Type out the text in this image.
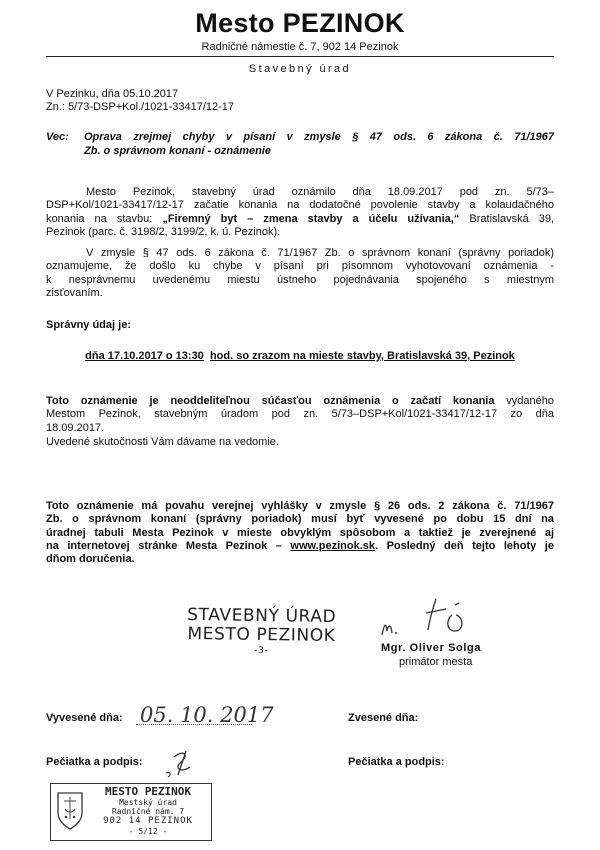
Mesto PEZINOK
Radničné námestie č. 7, 902 14 Pezinok
Stavebný úrad
V Pezinku, dňa 05.10.2017
Zn.: 5/73-DSP+Kol./1021-33417/12-17
Vec: Oprava zrejmej chyby v písaní v zmysle § 47 ods. 6 zákona č. 71/1967
Zb. o správnom konaní - oznámenie
Mesto Pezinok, stavebný úrad oznámilo dňa 18.09.2017 pod zn. 5/73–
DSP+Kol/1021-33417/12-17 začatie konania na dodatočné povolenie stavby a kolaudačného
konania na stavbu: „Firemný byt – zmena stavby a účelu užívania,“ Bratislavská 39,
Pezinok (parc. č. 3198/2, 3199/2, k. ú. Pezinok).
V zmysle § 47 ods. 6 zákona č. 71/1967 Zb. o správnom konaní (správny poriadok)
oznamujeme, že došlo ku chybe v písaní pri písomnom vyhotovovaní oznámenia -
k nesprávnemu uvedenému miestu ústneho pojednávania spojeného s miestnym
zisťovaním.
Správny údaj je:
dňa 17.10.2017 o 13:30 hod. so zrazom na mieste stavby, Bratislavská 39, Pezinok
Toto oznámenie je neoddeliteľnou súčasťou oznámenia o začatí konania vydaného
Mestom Pezinok, stavebným úradom pod zn. 5/73–DSP+Kol/1021-33417/12-17 zo dňa
18.09.2017.
Uvedené skutočnosti Vám dávame na vedomie.
Toto oznámenie má povahu verejnej vyhlášky v zmysle § 26 ods. 2 zákona č. 71/1967
Zb. o správnom konaní (správny poriadok) musí byť vyvesené po dobu 15 dní na
úradnej tabuli Mesta Pezinok v mieste obvyklým spôsobom a taktiež je zverejnené aj
na internetovej stránke Mesta Pezinok – www.pezinok.sk. Posledný deň tejto lehoty je
dňom doručenia.
STAVEBNÝ ÚRAD
MESTO PEZINOK
-3-	Mgr. Oliver Solga
primátor mesta
Vyvesené dňa: 05. 10. 2017	Zvesené dňa:
Pečiatka a podpis:	Pečiatka a podpis:
MESTO PEZINOK
Mestský úrad
Radničné nám. 7
902 14 PEZINOK
- 5/12 -
